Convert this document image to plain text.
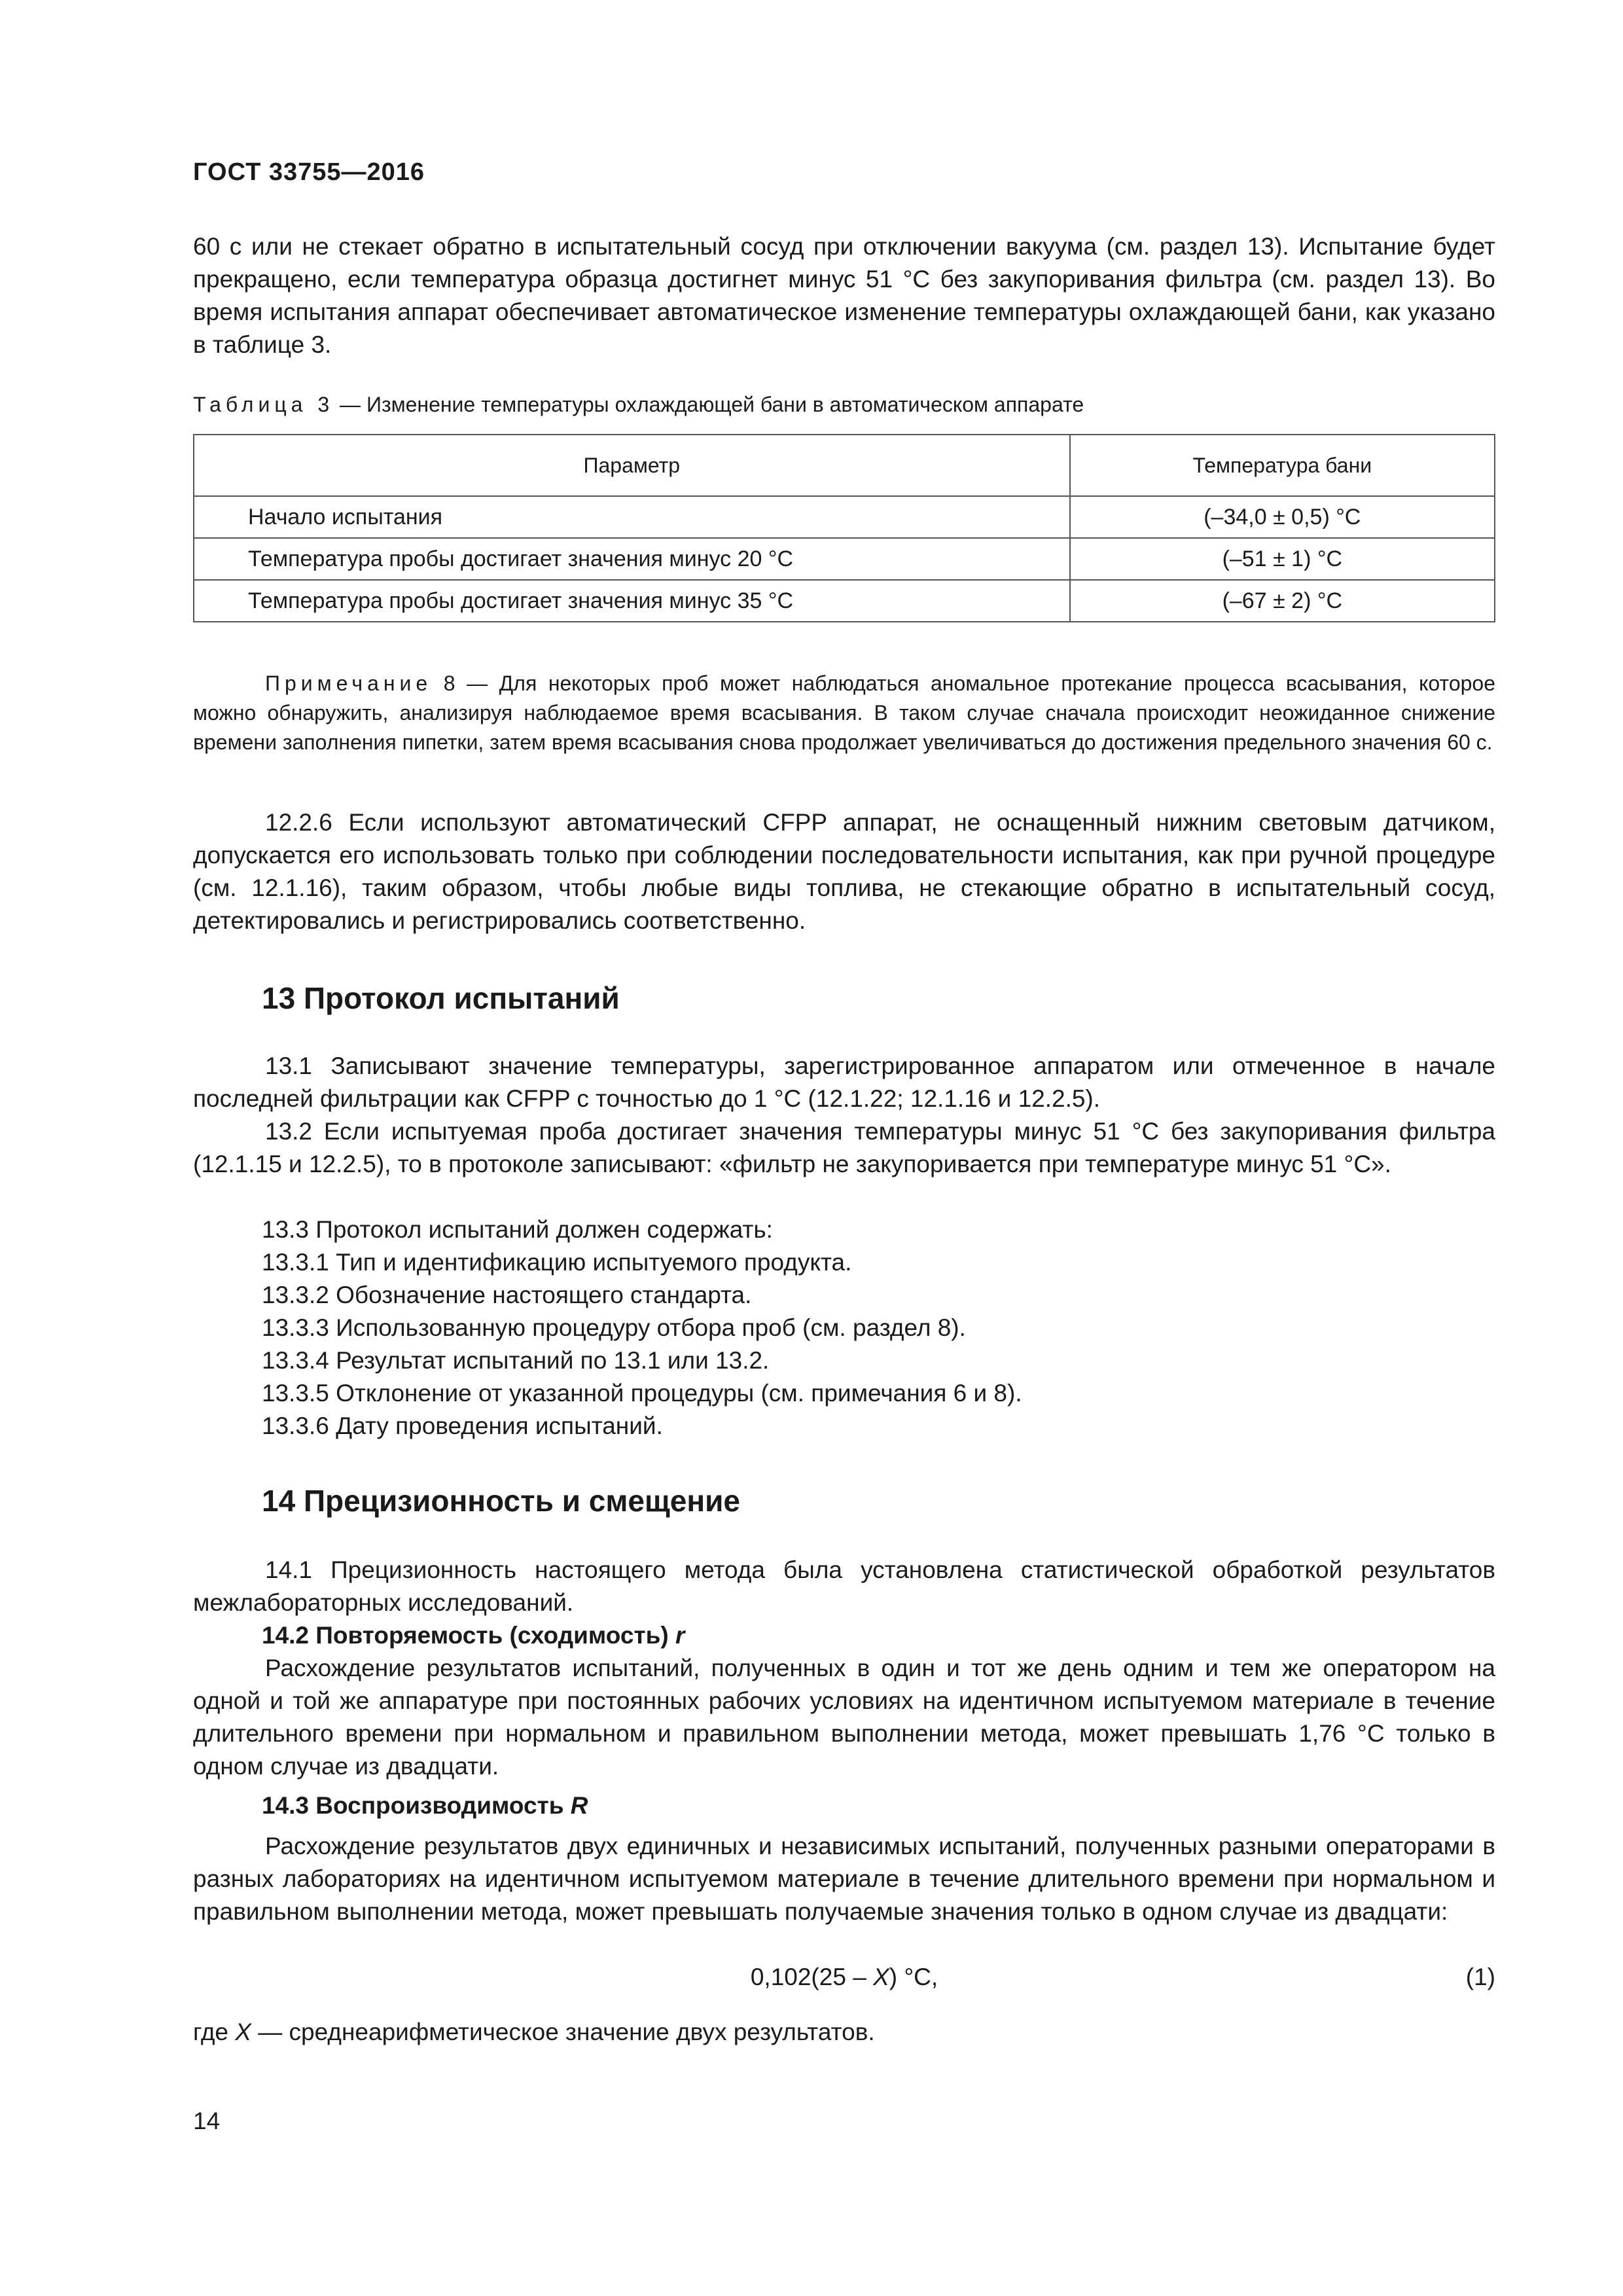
ГОСТ 33755—2016
60 с или не стекает обратно в испытательный сосуд при отключении вакуума (см. раздел 13). Испытание будет прекращено, если температура образца достигнет минус 51 °С без закупоривания фильтра (см. раздел 13). Во время испытания аппарат обеспечивает автоматическое изменение температуры охлаждающей бани, как указано в таблице 3.
Таблица 3 — Изменение температуры охлаждающей бани в автоматическом аппарате
Параметр	Температура бани
Начало испытания	(–34,0 ± 0,5) °С
Температура пробы достигает значения минус 20 °С	(–51 ± 1) °С
Температура пробы достигает значения минус 35 °С	(–67 ± 2) °С
Примечание 8 — Для некоторых проб может наблюдаться аномальное протекание процесса всасывания, которое можно обнаружить, анализируя наблюдаемое время всасывания. В таком случае сначала происходит неожиданное снижение времени заполнения пипетки, затем время всасывания снова продолжает увеличиваться до достижения предельного значения 60 с.
12.2.6 Если используют автоматический CFPP аппарат, не оснащенный нижним световым датчиком, допускается его использовать только при соблюдении последовательности испытания, как при ручной процедуре (см. 12.1.16), таким образом, чтобы любые виды топлива, не стекающие обратно в испытательный сосуд, детектировались и регистрировались соответственно.
13 Протокол испытаний
13.1 Записывают значение температуры, зарегистрированное аппаратом или отмеченное в начале последней фильтрации как CFPP с точностью до 1 °С (12.1.22; 12.1.16 и 12.2.5).
13.2 Если испытуемая проба достигает значения температуры минус 51 °С без закупоривания фильтра (12.1.15 и 12.2.5), то в протоколе записывают: «фильтр не закупоривается при температуре минус 51 °С».
13.3 Протокол испытаний должен содержать:
13.3.1 Тип и идентификацию испытуемого продукта.
13.3.2 Обозначение настоящего стандарта.
13.3.3 Использованную процедуру отбора проб (см. раздел 8).
13.3.4 Результат испытаний по 13.1 или 13.2.
13.3.5 Отклонение от указанной процедуры (см. примечания 6 и 8).
13.3.6 Дату проведения испытаний.
14 Прецизионность и смещение
14.1 Прецизионность настоящего метода была установлена статистической обработкой результатов межлабораторных исследований.
14.2 Повторяемость (сходимость) r
Расхождение результатов испытаний, полученных в один и тот же день одним и тем же оператором на одной и той же аппаратуре при постоянных рабочих условиях на идентичном испытуемом материале в течение длительного времени при нормальном и правильном выполнении метода, может превышать 1,76 °С только в одном случае из двадцати.
14.3 Воспроизводимость R
Расхождение результатов двух единичных и независимых испытаний, полученных разными операторами в разных лабораториях на идентичном испытуемом материале в течение длительного времени при нормальном и правильном выполнении метода, может превышать получаемые значения только в одном случае из двадцати:
0,102(25 – X) °С,	(1)
где X — среднеарифметическое значение двух результатов.
14
